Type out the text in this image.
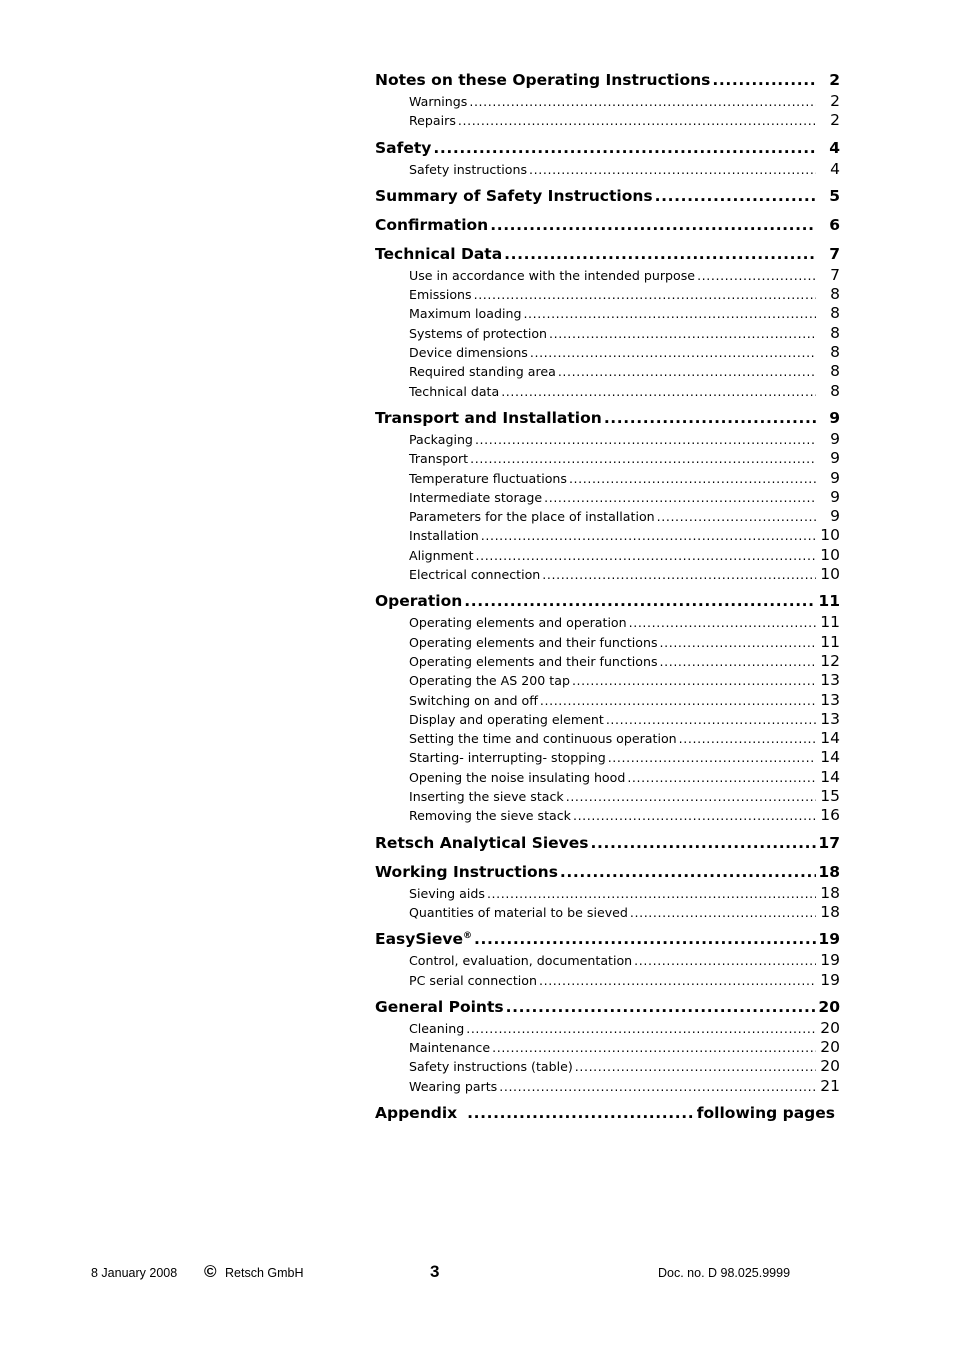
Notes on these Operating Instructions .....	2
Warnings .....	2
Repairs .....	2
Safety .....	4
Safety instructions .....	4
Summary of Safety Instructions .....	5
Confirmation .....	6
Technical Data .....	7
Use in accordance with the intended purpose .....	7
Emissions .....	8
Maximum loading .....	8
Systems of protection .....	8
Device dimensions .....	8
Required standing area .....	8
Technical data .....	8
Transport and Installation .....	9
Packaging .....	9
Transport .....	9
Temperature fluctuations .....	9
Intermediate storage .....	9
Parameters for the place of installation .....	9
Installation .....	10
Alignment .....	10
Electrical connection .....	10
Operation .....	11
Operating elements and operation .....	11
Operating elements and their functions .....	11
Operating elements and their functions .....	12
Operating the AS 200 tap .....	13
Switching on and off .....	13
Display and operating element .....	13
Setting the time and continuous operation .....	14
Starting- interrupting- stopping .....	14
Opening the noise insulating hood .....	14
Inserting the sieve stack .....	15
Removing the sieve stack .....	16
Retsch Analytical Sieves .....	17
Working Instructions .....	18
Sieving aids .....	18
Quantities of material to be sieved .....	18
EasySieve® .....	19
Control, evaluation, documentation .....	19
PC serial connection .....	19
General Points .....	20
Cleaning .....	20
Maintenance .....	20
Safety instructions (table) .....	20
Wearing parts .....	21
Appendix .....	following pages
8 January 2008 © Retsch GmbH	3	Doc. no. D 98.025.9999
